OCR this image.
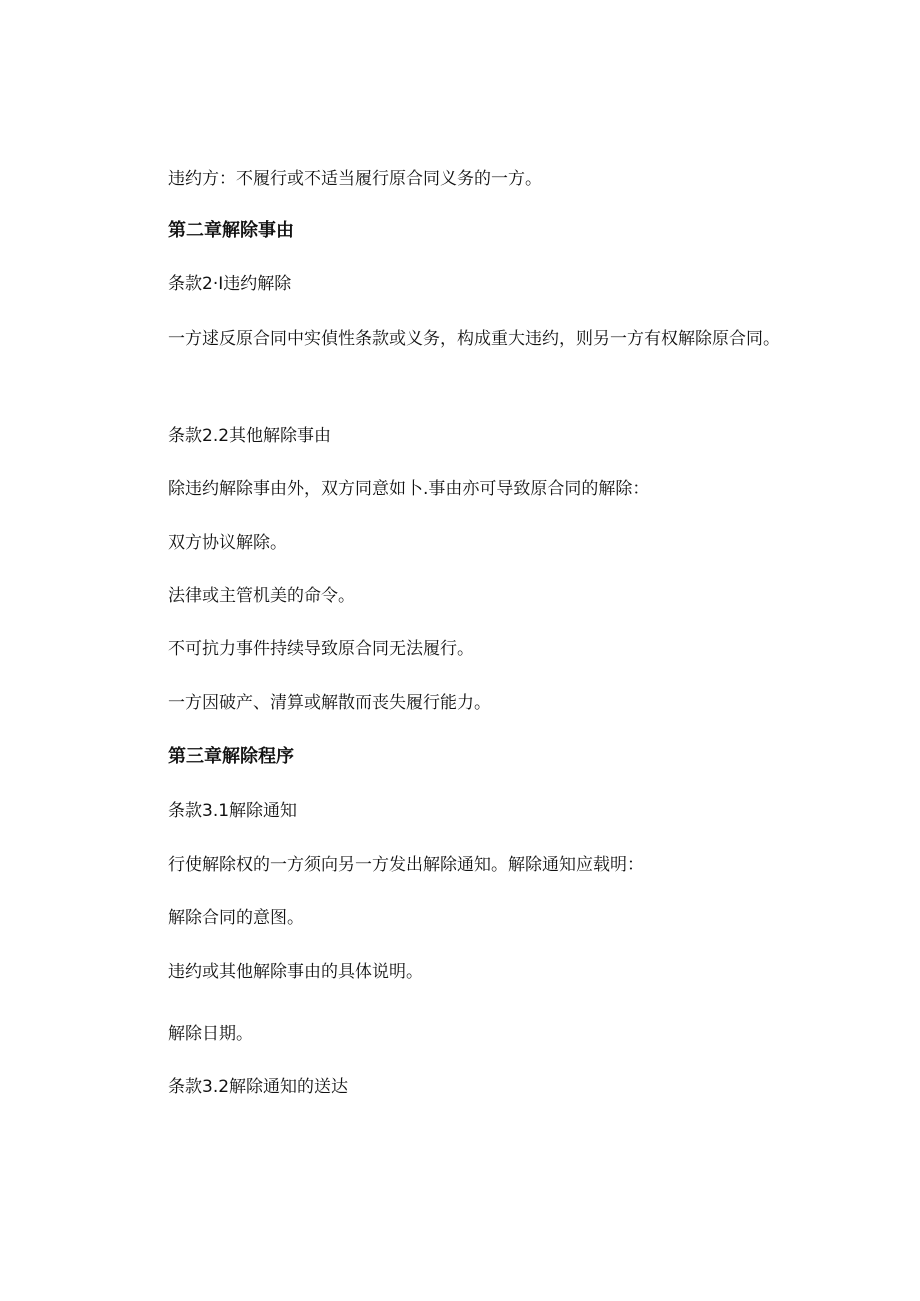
违约方：不履行或不适当履行原合同义务的一方。

第二章解除事由

条款2·I违约解除

一方逑反原合同中实偵性条款或义务，构成重大违约，则另一方有权解除原合同。

条款2.2其他解除事由

除违约解除事由外，双方同意如卜.事由亦可导致原合同的解除：

双方协议解除。

法律或主管机美的命令。

不可抗力事件持续导致原合同无法履行。

一方因破产、清算或解散而丧失履行能力。

第三章解除程序

条款3.1解除通知

行使解除权的一方须向另一方发出解除通知。解除通知应载明：

解除合同的意图。

违约或其他解除事由的具体说明。

解除日期。

条款3.2解除通知的送达
